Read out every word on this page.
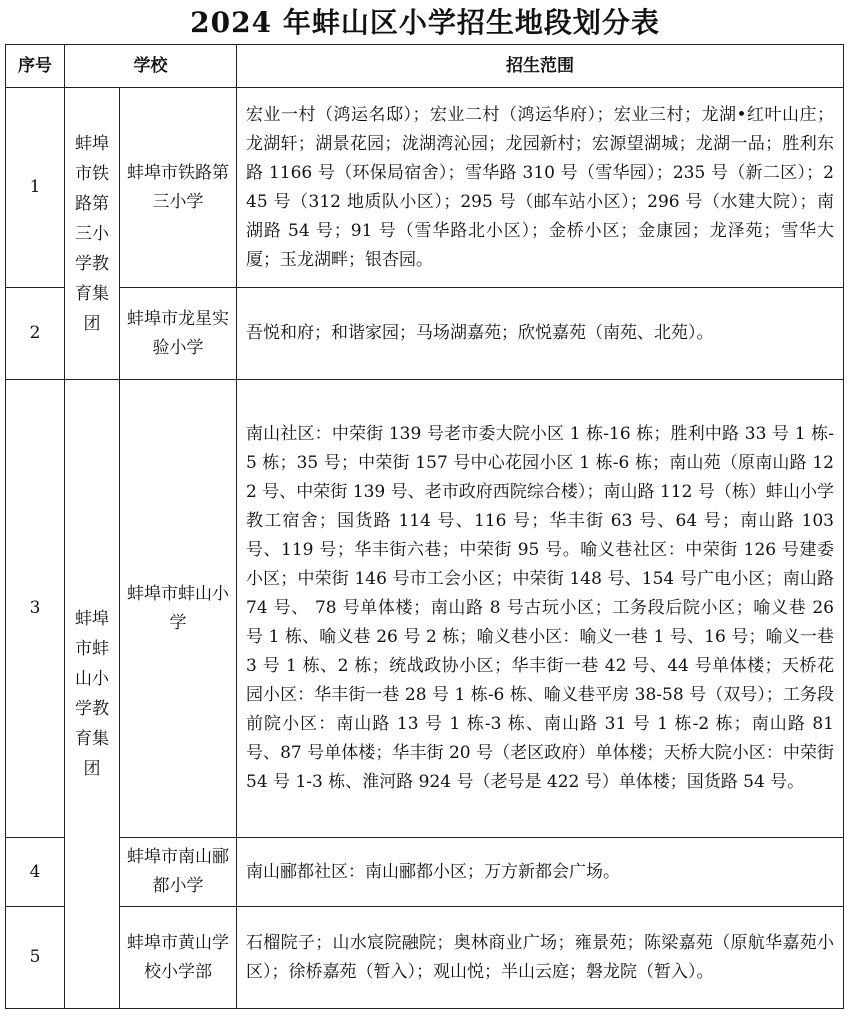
2024 年蚌山区小学招生地段划分表
序号	学校		招生范围
1	蚌埠市铁路第三小学教育集团	蚌埠市铁路第三小学	宏业一村（鸿运名邸）；宏业二村（鸿运华府）；宏业三村；龙湖•红叶山庄；龙湖轩；湖景花园；泷湖湾沁园；龙园新村；宏源望湖城；龙湖一品；胜利东路 1166 号（环保局宿舍）；雪华路 310 号（雪华园）；235 号（新二区）；245 号（312 地质队小区）；295 号（邮车站小区）；296 号（水建大院）；南湖路 54 号；91 号（雪华路北小区）；金桥小区；金康园；龙泽苑；雪华大厦；玉龙湖畔；银杏园。
2		蚌埠市龙星实验小学	吾悦和府；和谐家园；马场湖嘉苑；欣悦嘉苑（南苑、北苑）。
3	蚌埠市蚌山小学教育集团	蚌埠市蚌山小学	南山社区：中荣街 139 号老市委大院小区 1 栋-16 栋；胜利中路 33 号 1 栋-5 栋；35 号；中荣街 157 号中心花园小区 1 栋-6 栋；南山苑（原南山路 122 号、中荣街 139 号、老市政府西院综合楼）；南山路 112 号（栋）蚌山小学教工宿舍；国货路 114 号、116 号；华丰街 63 号、64 号；南山路 103 号、119 号；华丰街六巷；中荣街 95 号。喻义巷社区：中荣街 126 号建委小区；中荣街 146 号市工会小区；中荣街 148 号、154 号广电小区；南山路 74 号、 78 号单体楼；南山路 8 号古玩小区；工务段后院小区；喻义巷 26 号 1 栋、喻义巷 26 号 2 栋；喻义巷小区：喻义一巷 1 号、16 号；喻义一巷 3 号 1 栋、2 栋；统战政协小区；华丰街一巷 42 号、44 号单体楼；天桥花园小区：华丰街一巷 28 号 1 栋-6 栋、喻义巷平房 38-58 号（双号）；工务段前院小区：南山路 13 号 1 栋-3 栋、南山路 31 号 1 栋-2 栋；南山路 81 号、87 号单体楼；华丰街 20 号（老区政府）单体楼；天桥大院小区：中荣街 54 号 1-3 栋、淮河路 924 号（老号是 422 号）单体楼；国货路 54 号。
4		蚌埠市南山郦都小学	南山郦都社区：南山郦都小区；万方新都会广场。
5		蚌埠市黄山学校小学部	石榴院子；山水宸院融院；奥林商业广场；雍景苑；陈梁嘉苑（原航华嘉苑小区）；徐桥嘉苑（暂入）；观山悦；半山云庭；磐龙院（暂入）。
